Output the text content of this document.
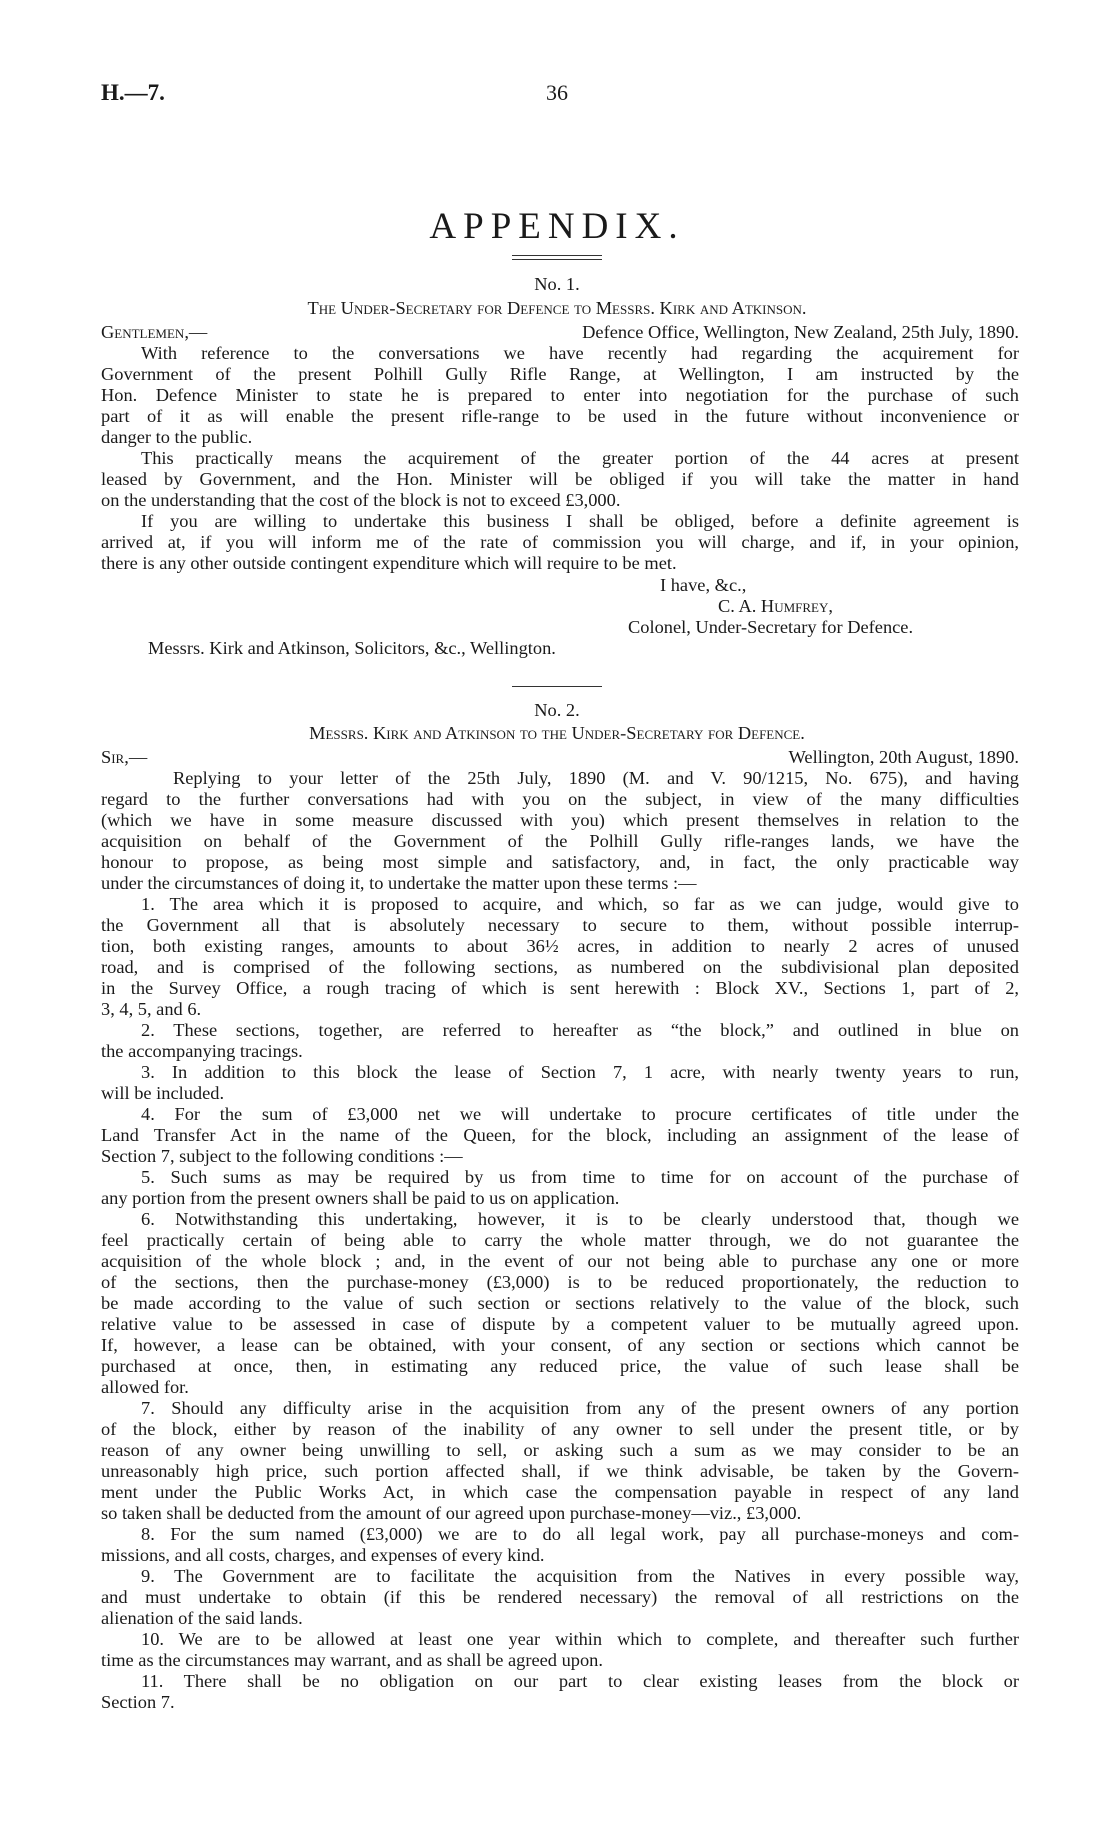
H.—7.	36
APPENDIX.
No. 1.
The Under-Secretary for Defence to Messrs. Kirk and Atkinson.
Gentlemen,—	Defence Office, Wellington, New Zealand, 25th July, 1890.
With reference to the conversations we have recently had regarding the acquirement for
Government of the present Polhill Gully Rifle Range, at Wellington, I am instructed by the
Hon. Defence Minister to state he is prepared to enter into negotiation for the purchase of such
part of it as will enable the present rifle-range to be used in the future without inconvenience or
danger to the public.
This practically means the acquirement of the greater portion of the 44 acres at present
leased by Government, and the Hon. Minister will be obliged if you will take the matter in hand
on the understanding that the cost of the block is not to exceed £3,000.
If you are willing to undertake this business I shall be obliged, before a definite agreement is
arrived at, if you will inform me of the rate of commission you will charge, and if, in your opinion,
there is any other outside contingent expenditure which will require to be met.
I have, &c.,
C. A. Humfrey,
Colonel, Under-Secretary for Defence.
Messrs. Kirk and Atkinson, Solicitors, &c., Wellington.
No. 2.
Messrs. Kirk and Atkinson to the Under-Secretary for Defence.
Sir,—	Wellington, 20th August, 1890.
Replying to your letter of the 25th July, 1890 (M. and V. 90/1215, No. 675), and having
regard to the further conversations had with you on the subject, in view of the many difficulties
(which we have in some measure discussed with you) which present themselves in relation to the
acquisition on behalf of the Government of the Polhill Gully rifle-ranges lands, we have the
honour to propose, as being most simple and satisfactory, and, in fact, the only practicable way
under the circumstances of doing it, to undertake the matter upon these terms :—
1. The area which it is proposed to acquire, and which, so far as we can judge, would give to
the Government all that is absolutely necessary to secure to them, without possible interrup-
tion, both existing ranges, amounts to about 36½ acres, in addition to nearly 2 acres of unused
road, and is comprised of the following sections, as numbered on the subdivisional plan deposited
in the Survey Office, a rough tracing of which is sent herewith : Block XV., Sections 1, part of 2,
3, 4, 5, and 6.
2. These sections, together, are referred to hereafter as “the block,” and outlined in blue on
the accompanying tracings.
3. In addition to this block the lease of Section 7, 1 acre, with nearly twenty years to run,
will be included.
4. For the sum of £3,000 net we will undertake to procure certificates of title under the
Land Transfer Act in the name of the Queen, for the block, including an assignment of the lease of
Section 7, subject to the following conditions :—
5. Such sums as may be required by us from time to time for on account of the purchase of
any portion from the present owners shall be paid to us on application.
6. Notwithstanding this undertaking, however, it is to be clearly understood that, though we
feel practically certain of being able to carry the whole matter through, we do not guarantee the
acquisition of the whole block ; and, in the event of our not being able to purchase any one or more
of the sections, then the purchase-money (£3,000) is to be reduced proportionately, the reduction to
be made according to the value of such section or sections relatively to the value of the block, such
relative value to be assessed in case of dispute by a competent valuer to be mutually agreed upon.
If, however, a lease can be obtained, with your consent, of any section or sections which cannot be
purchased at once, then, in estimating any reduced price, the value of such lease shall be
allowed for.
7. Should any difficulty arise in the acquisition from any of the present owners of any portion
of the block, either by reason of the inability of any owner to sell under the present title, or by
reason of any owner being unwilling to sell, or asking such a sum as we may consider to be an
unreasonably high price, such portion affected shall, if we think advisable, be taken by the Govern-
ment under the Public Works Act, in which case the compensation payable in respect of any land
so taken shall be deducted from the amount of our agreed upon purchase-money—viz., £3,000.
8. For the sum named (£3,000) we are to do all legal work, pay all purchase-moneys and com-
missions, and all costs, charges, and expenses of every kind.
9. The Government are to facilitate the acquisition from the Natives in every possible way,
and must undertake to obtain (if this be rendered necessary) the removal of all restrictions on the
alienation of the said lands.
10. We are to be allowed at least one year within which to complete, and thereafter such further
time as the circumstances may warrant, and as shall be agreed upon.
11. There shall be no obligation on our part to clear existing leases from the block or
Section 7.
